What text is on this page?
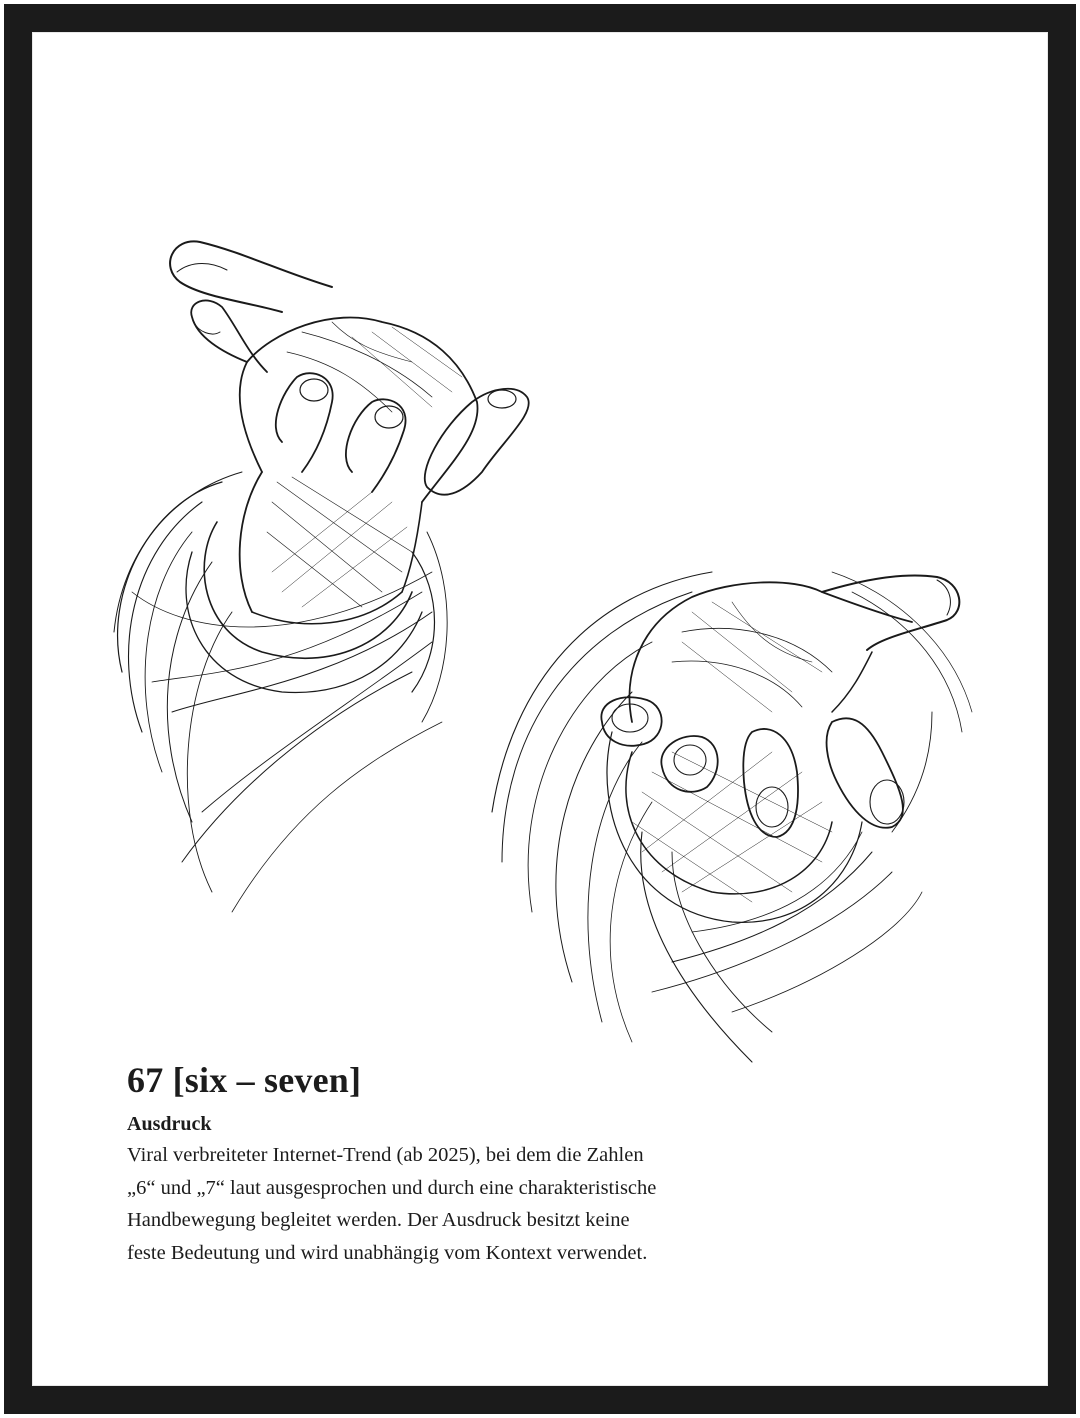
67 [six – seven]
Ausdruck

Viral verbreiteter Internet-Trend (ab 2025), bei dem die Zahlen
„6“ und „7“ laut ausgesprochen und durch eine charakteristische
Handbewegung begleitet werden. Der Ausdruck besitzt keine
feste Bedeutung und wird unabhängig vom Kontext verwendet.
